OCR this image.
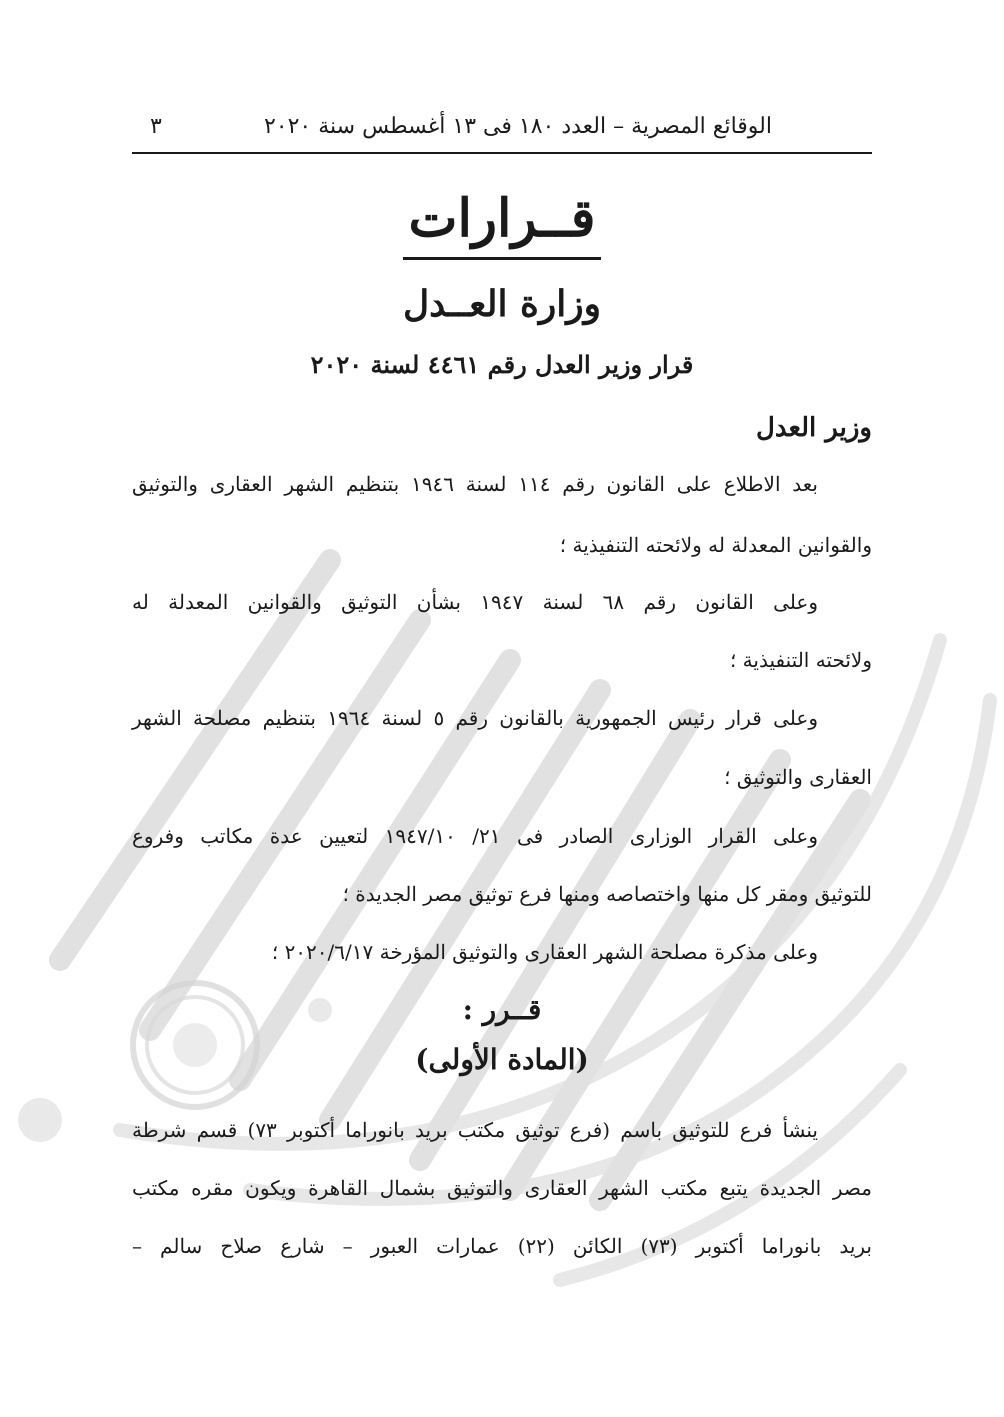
الوقائع المصرية – العدد ١٨٠ فى ١٣ أغسطس سنة ٢٠٢٠
٣
قــرارات
وزارة العــدل
قرار وزير العدل رقم ٤٤٦١ لسنة ٢٠٢٠
وزير العدل
بعد الاطلاع على القانون رقم ١١٤ لسنة ١٩٤٦ بتنظيم الشهر العقارى والتوثيق
والقوانين المعدلة له ولائحته التنفيذية ؛
وعلى القانون رقم ٦٨ لسنة ١٩٤٧ بشأن التوثيق والقوانين المعدلة له
ولائحته التنفيذية ؛
وعلى قرار رئيس الجمهورية بالقانون رقم ٥ لسنة ١٩٦٤ بتنظيم مصلحة الشهر
العقارى والتوثيق ؛
وعلى القرار الوزارى الصادر فى ٢١/ ١٩٤٧/١٠ لتعيين عدة مكاتب وفروع
للتوثيق ومقر كل منها واختصاصه ومنها فرع توثيق مصر الجديدة ؛
وعلى مذكرة مصلحة الشهر العقارى والتوثيق المؤرخة ٢٠٢٠/٦/١٧ ؛
قــرر :
(المادة الأولى)
ينشأ فرع للتوثيق باسم (فرع توثيق مكتب بريد بانوراما أكتوبر ٧٣) قسم شرطة
مصر الجديدة يتبع مكتب الشهر العقارى والتوثيق بشمال القاهرة ويكون مقره مكتب
بريد بانوراما أكتوبر (٧٣) الكائن (٢٢) عمارات العبور – شارع صلاح سالم –
